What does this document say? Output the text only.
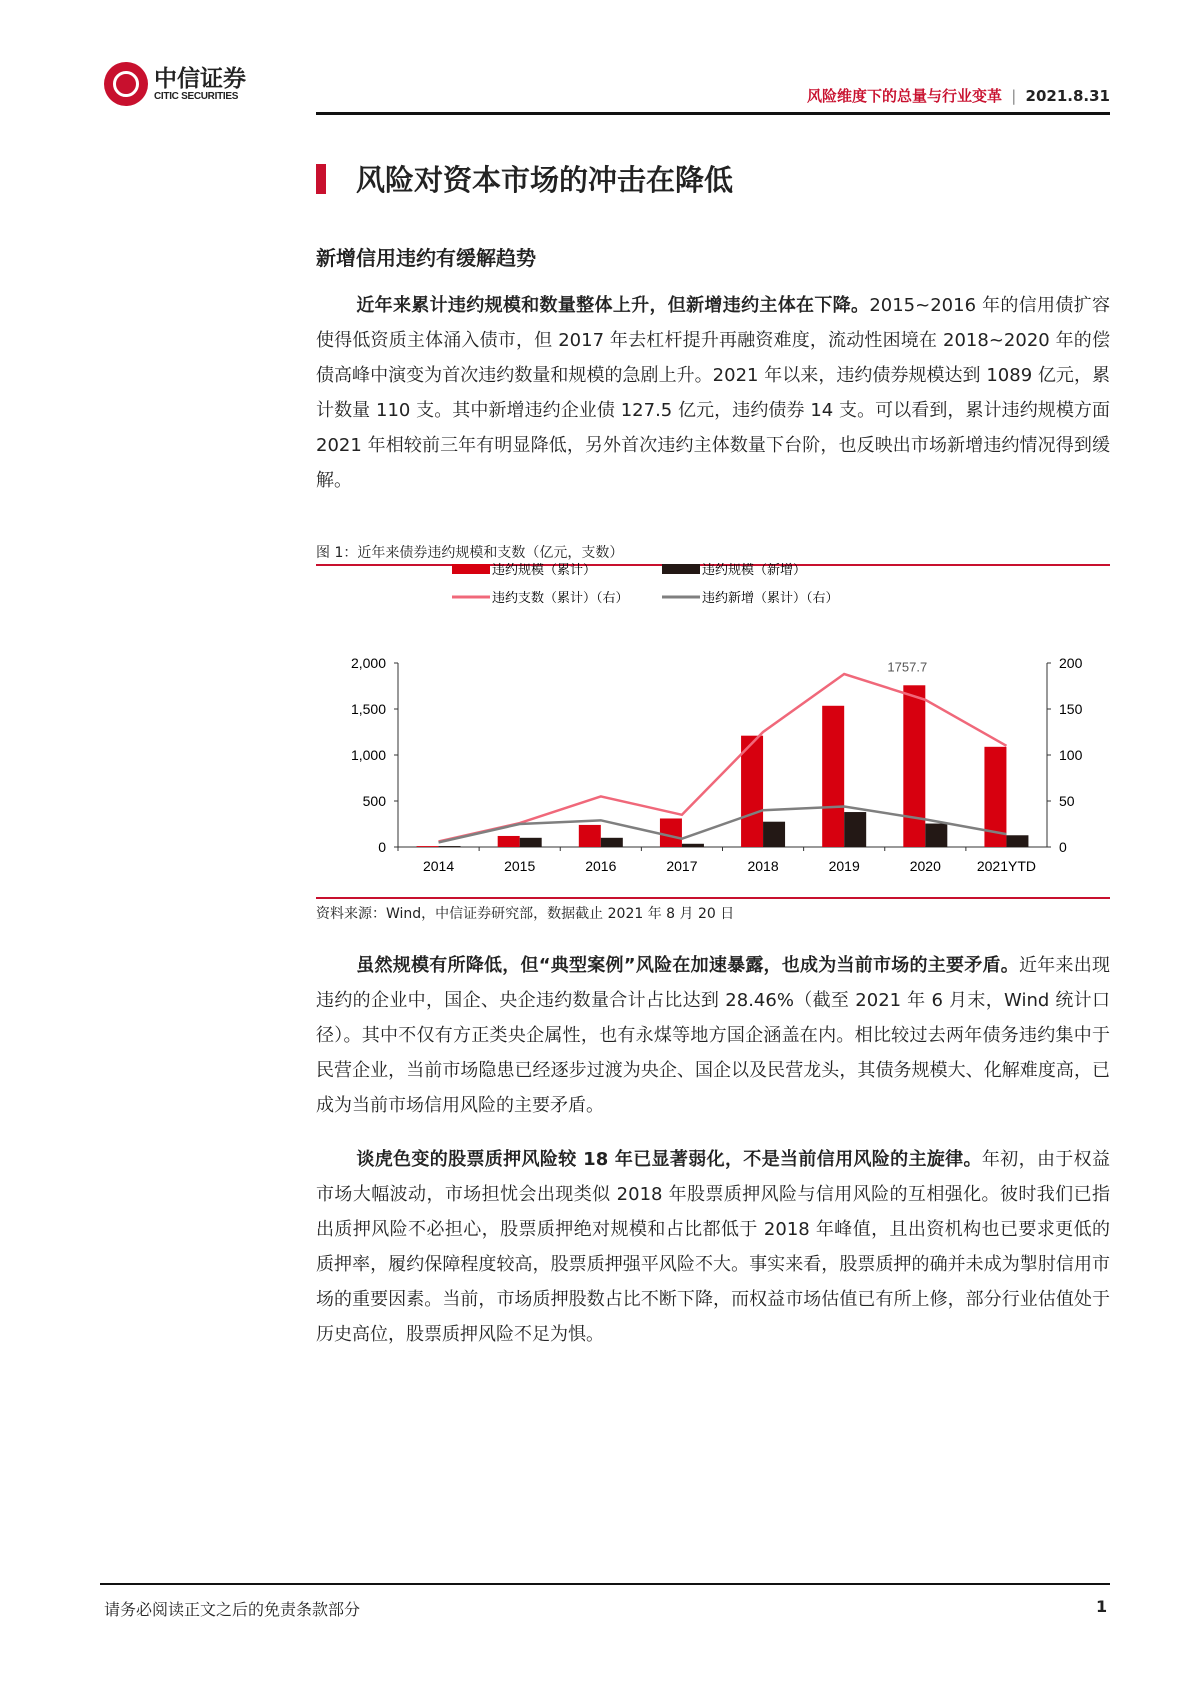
中信证券
CITIC SECURITIES	风险维度下的总量与行业变革 | 2021.8.31
风险对资本市场的冲击在降低
新增信用违约有缓解趋势
近年来累计违约规模和数量整体上升，但新增违约主体在下降。2015~2016 年的信用债扩容使得低资质主体涌入债市，但 2017 年去杠杆提升再融资难度，流动性困境在 2018~2020 年的偿债高峰中演变为首次违约数量和规模的急剧上升。2021 年以来，违约债券规模达到 1089 亿元，累计数量 110 支。其中新增违约企业债 127.5 亿元，违约债券 14 支。可以看到，累计违约规模方面 2021 年相较前三年有明显降低，另外首次违约主体数量下台阶，也反映出市场新增违约情况得到缓解。
图 1：近年来债券违约规模和支数（亿元，支数）
违约规模（累计）	违约规模（新增）
违约支数（累计）（右）	违约新增（累计）（右）
0
500
1,000
1,500
2,000
0
50
100
150
200
2014	2015	2016	2017	2018	2019	2020	2021YTD
1757.7
资料来源：Wind，中信证券研究部，数据截止 2021 年 8 月 20 日
虽然规模有所降低，但“典型案例”风险在加速暴露，也成为当前市场的主要矛盾。近年来出现违约的企业中，国企、央企违约数量合计占比达到 28.46%（截至 2021 年 6 月末，Wind 统计口径）。其中不仅有方正类央企属性，也有永煤等地方国企涵盖在内。相比较过去两年债务违约集中于民营企业，当前市场隐患已经逐步过渡为央企、国企以及民营龙头，其债务规模大、化解难度高，已成为当前市场信用风险的主要矛盾。
谈虎色变的股票质押风险较 18 年已显著弱化，不是当前信用风险的主旋律。年初，由于权益市场大幅波动，市场担忧会出现类似 2018 年股票质押风险与信用风险的互相强化。彼时我们已指出质押风险不必担心，股票质押绝对规模和占比都低于 2018 年峰值，且出资机构也已要求更低的质押率，履约保障程度较高，股票质押强平风险不大。事实来看，股票质押的确并未成为掣肘信用市场的重要因素。当前，市场质押股数占比不断下降，而权益市场估值已有所上修，部分行业估值处于历史高位，股票质押风险不足为惧。
请务必阅读正文之后的免责条款部分	1
